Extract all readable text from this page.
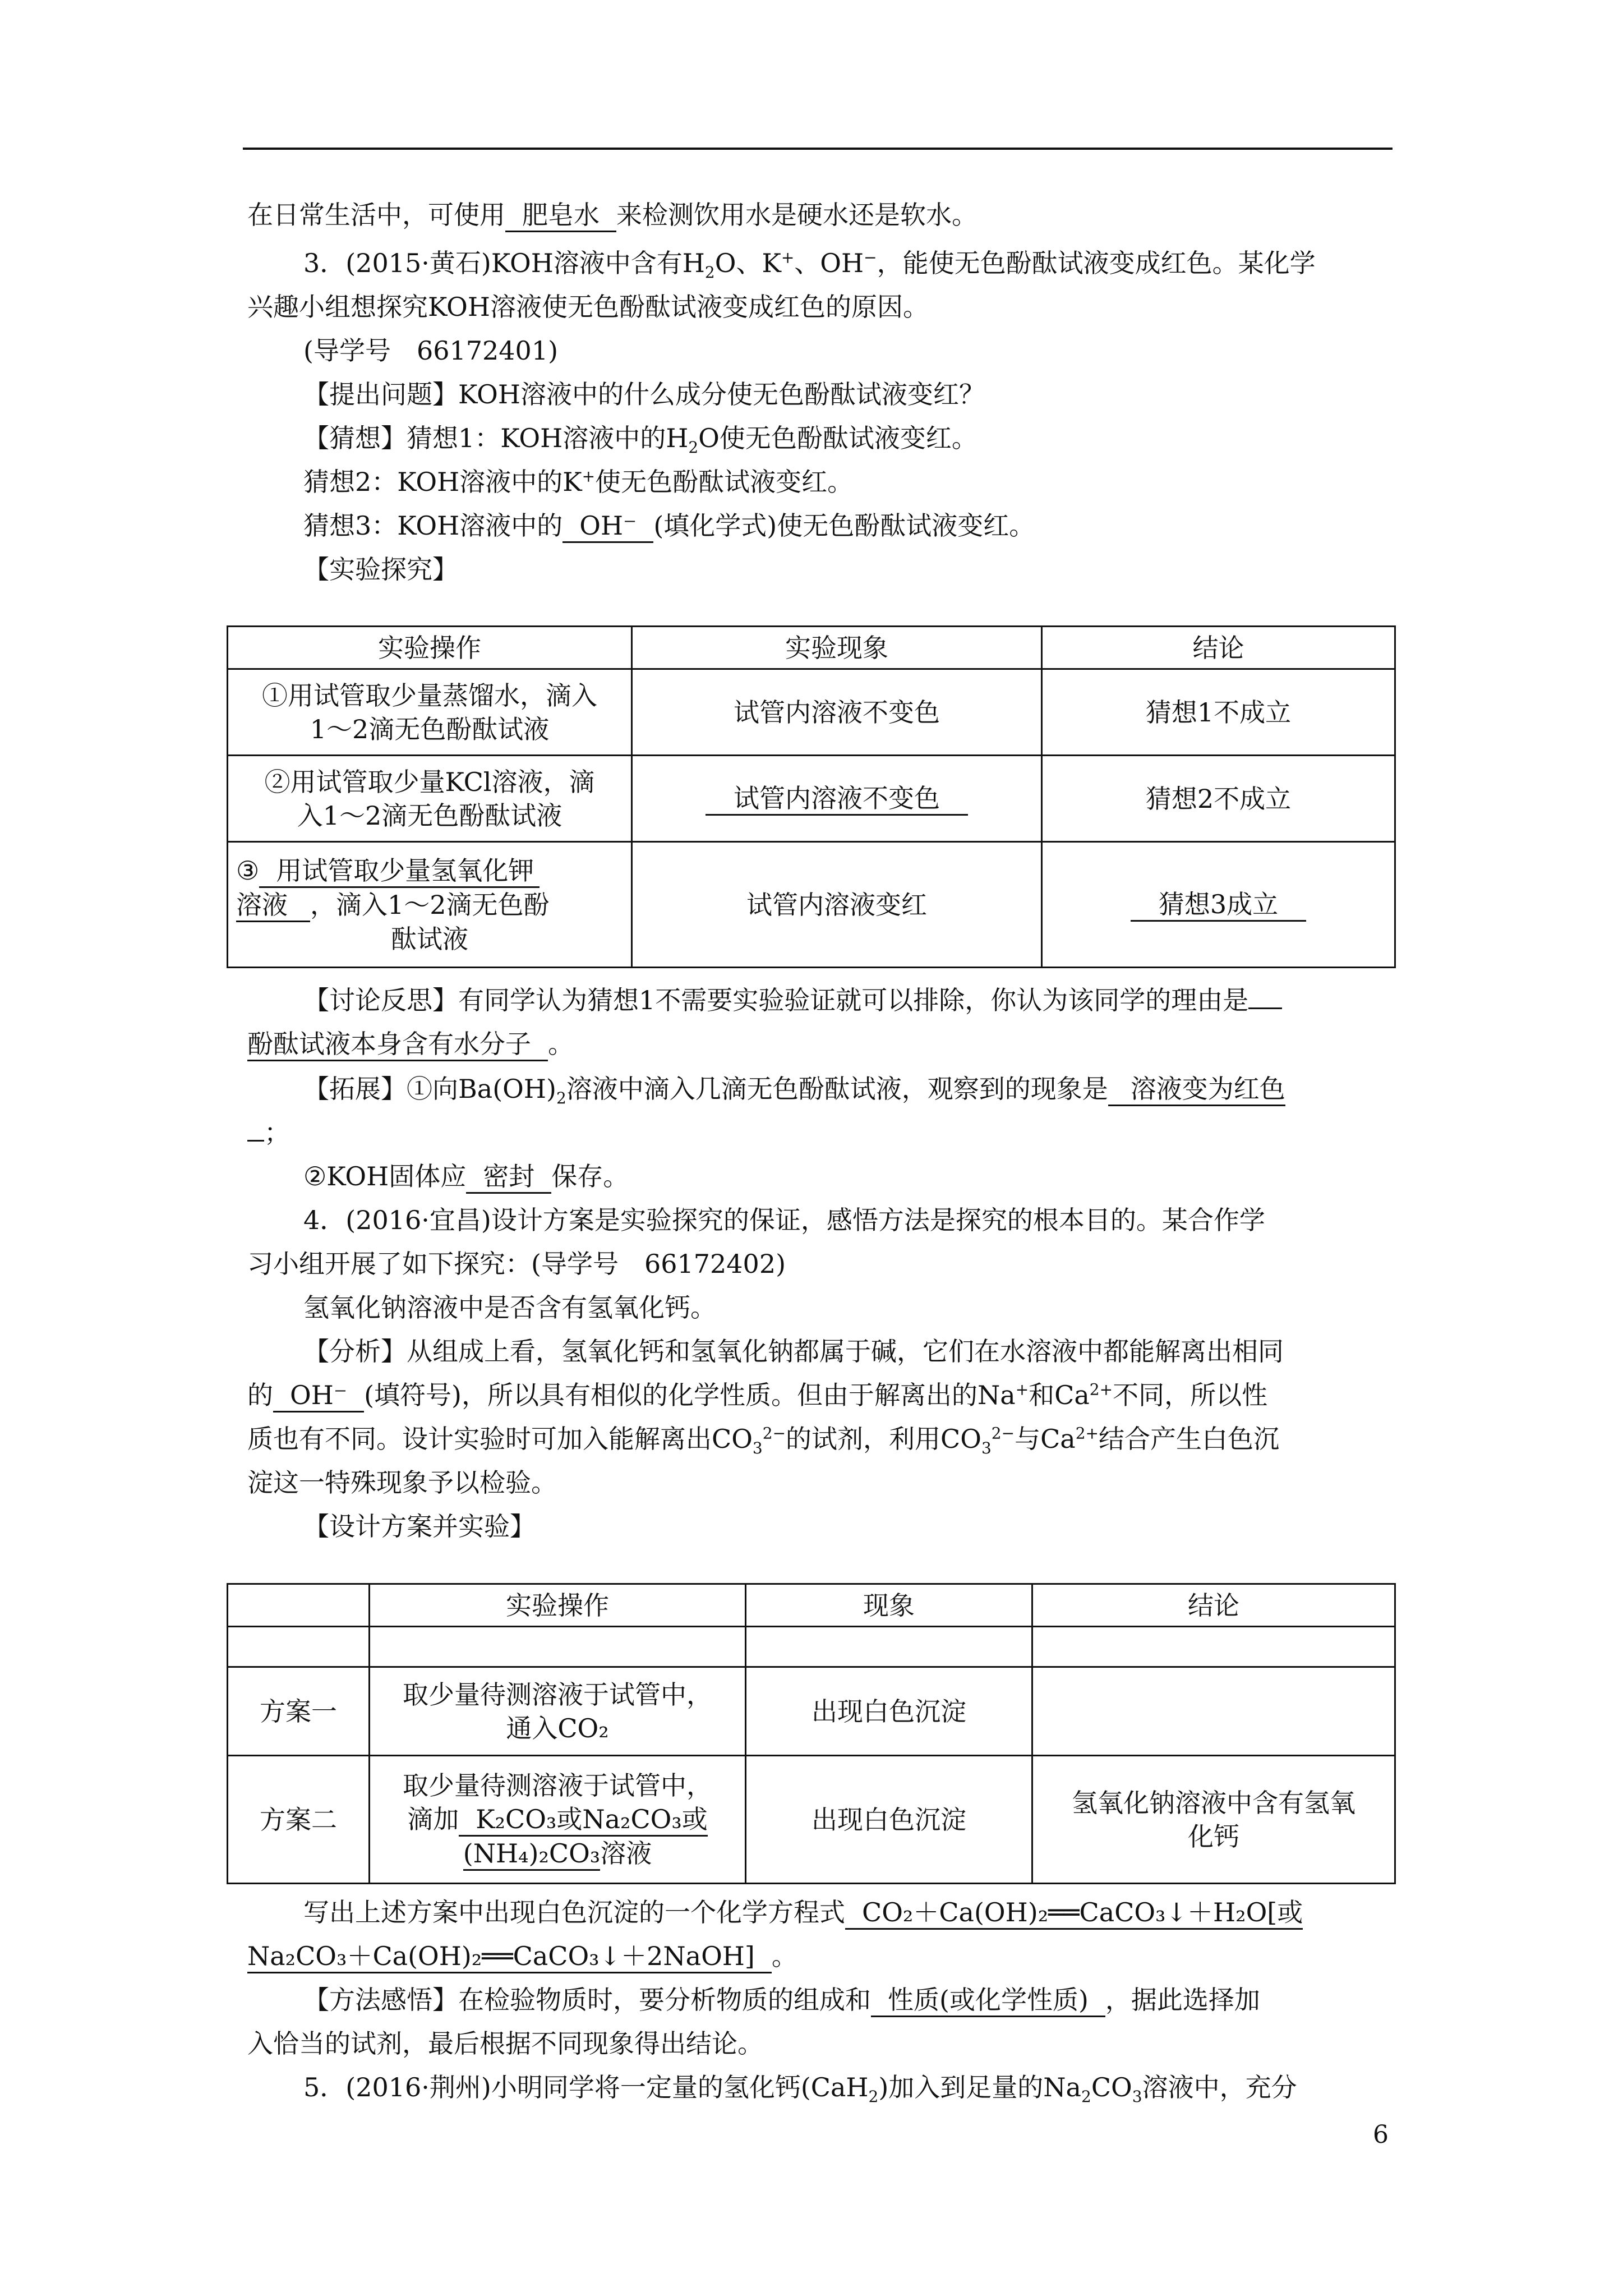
在日常生活中，可使用 肥皂水 来检测饮用水是硬水还是软水。
3．(2015·黄石)KOH溶液中含有$H_2O$、K+、OH−，能使无色酚酞试液变成红色。某化学
兴趣小组想探究KOH溶液使无色酚酞试液变成红色的原因。
(导学号　66172401)
【提出问题】KOH溶液中的什么成分使无色酚酞试液变红？
【猜想】猜想1：KOH溶液中的$H_2O$使无色酚酞试液变红。
猜想2：KOH溶液中的K+使无色酚酞试液变红。
猜想3：KOH溶液中的 OH⁻ (填化学式)使无色酚酞试液变红。
【实验探究】
实验操作	实验现象	结论
①用试管取少量蒸馏水，滴入
1～2滴无色酚酞试液	试管内溶液不变色	猜想1不成立
②用试管取少量KCl溶液，滴
入1～2滴无色酚酞试液	试管内溶液不变色	猜想2不成立
③ 用试管取少量氢氧化钾
溶液 ，滴入1～2滴无色酚

酞试液	试管内溶液变红	猜想3成立
【讨论反思】有同学认为猜想1不需要实验验证就可以排除，你认为该同学的理由是
酚酞试液本身含有水分子 。
【拓展】①向$Ba(OH)_2$溶液中滴入几滴无色酚酞试液，观察到的现象是 溶液变为红色
；
②KOH固体应 密封 保存。
4．(2016·宜昌)设计方案是实验探究的保证，感悟方法是探究的根本目的。某合作学
习小组开展了如下探究：(导学号　66172402)
氢氧化钠溶液中是否含有氢氧化钙。
【分析】从组成上看，氢氧化钙和氢氧化钠都属于碱，它们在水溶液中都能解离出相同
的 OH⁻ (填符号)，所以具有相似的化学性质。但由于解离出的Na+和$Ca^{2+}$不同，所以性
质也有不同。设计实验时可加入能解离出$CO_3^{2-}$的试剂，利用$CO_3^{2-}$与$Ca^{2+}$结合产生白色沉
淀这一特殊现象予以检验。
【设计方案并实验】
	实验操作	现象	结论

方案一	取少量待测溶液于试管中，
通入CO₂	出现白色沉淀	
方案二	取少量待测溶液于试管中，
滴加 K₂CO₃或Na₂CO₃或
(NH₄)₂CO₃溶液	出现白色沉淀	氢氧化钠溶液中含有氢氧
化钙
写出上述方案中出现白色沉淀的一个化学方程式 CO₂＋Ca(OH)₂══CaCO₃↓＋H₂O[或
Na₂CO₃＋Ca(OH)₂══CaCO₃↓＋2NaOH] 。
【方法感悟】在检验物质时，要分析物质的组成和 性质(或化学性质) ，据此选择加
入恰当的试剂，最后根据不同现象得出结论。
5．(2016·荆州)小明同学将一定量的氢化钙(CaH$_2$)加入到足量的$Na_2CO_3$溶液中，充分
6
